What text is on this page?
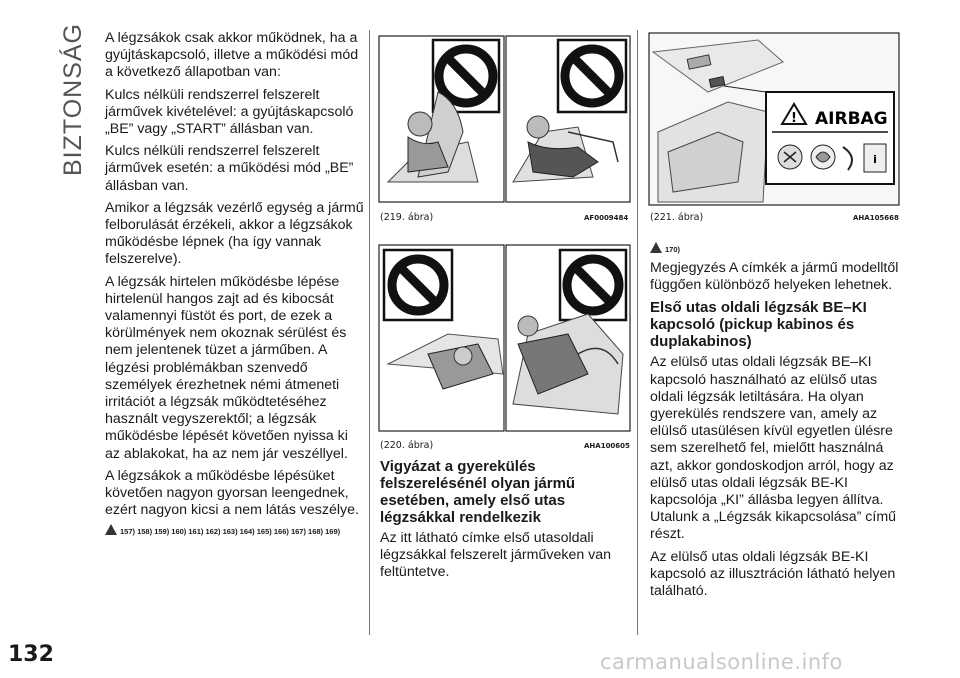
BIZTONSÁG
132

A légzsákok csak akkor működnek, ha a gyújtáskapcsoló, illetve a működési mód a következő állapotban van:

Kulcs nélküli rendszerrel felszerelt járművek kivételével: a gyújtáskapcsoló „BE” vagy „START” állásban van.

Kulcs nélküli rendszerrel felszerelt járművek esetén: a működési mód „BE” állásban van.

Amikor a légzsák vezérlő egység a jármű felborulását érzékeli, akkor a légzsákok működésbe lépnek (ha így vannak felszerelve).

A légzsák hirtelen működésbe lépése hirtelenül hangos zajt ad és kibocsát valamennyi füstöt és port, de ezek a körülmények nem okoznak sérülést és nem jelentenek tüzet a járműben. A légzési problémákban szenvedő személyek érezhetnek némi átmeneti irritációt a légzsák működtetéséhez használt vegyszerektől; a légzsák működésbe lépését követően nyissa ki az ablakokat, ha az nem jár veszéllyel.

A légzsákok a működésbe lépésüket követően nagyon gyorsan leengednek, ezért nagyon kicsi a nem látás veszélye.

157) 158) 159) 160) 161) 162) 163) 164) 165) 166) 167) 168) 169)
(219. ábra)	AF0009484
(220. ábra)	AHA100605
Vigyázat a gyerekülés felszerelésénél olyan jármű esetében, amely első utas légzsákkal rendelkezik

Az itt látható címke első utasoldali légzsákkal felszerelt járműveken van feltüntetve.

! AIRBAG
i
(221. ábra)	AHA105668
170)

Megjegyzés A címkék a jármű modelltől függően különböző helyeken lehetnek.

Első utas oldali légzsák BE–KI kapcsoló (pickup kabinos és duplakabinos)

Az elülső utas oldali légzsák BE–KI kapcsoló használható az elülső utas oldali légzsák letiltására. Ha olyan gyerekülés rendszere van, amely az elülső utasülésen kívül egyetlen ülésre sem szerelhető fel, mielőtt használná azt, akkor gondoskodjon arról, hogy az elülső utas oldali légzsák BE-KI kapcsolója „KI” állásba legyen állítva. Utalunk a „Légzsák kikapcsolása” című részt.

Az elülső utas oldali légzsák BE-KI kapcsoló az illusztráción látható helyen található.

carmanualsonline.info
